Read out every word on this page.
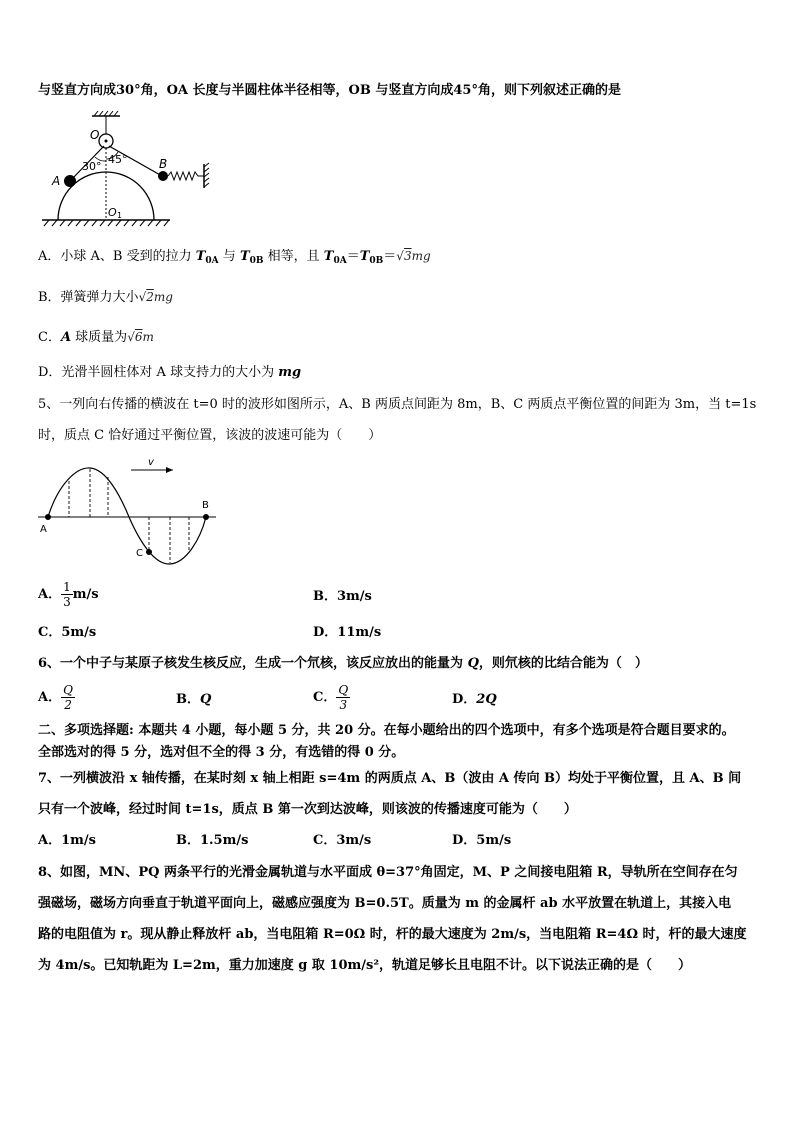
与竖直方向成30°角，OA 长度与半圆柱体半径相等，OB 与竖直方向成45°角，则下列叙述正确的是
O
A
B
30°
45°
O 1
A．小球 A、B 受到的拉力 $T_{0A}$ 与 $T_{0B}$ 相等，且 $T_{0A}=T_{0B}=√3mg$
B．弹簧弹力大小√2mg
C．A 球质量为√6m
D．光滑半圆柱体对 A 球支持力的大小为 mg
5、一列向右传播的横波在 t=0 时的波形如图所示，A、B 两质点间距为 8m，B、C 两质点平衡位置的间距为 3m，当 t=1s
时，质点 C 恰好通过平衡位置，该波的波速可能为（　　）
v
A
B
C
A． $\frac{1}{3} m/s$	B．3m/s
C．5m/s	D．11m/s
6、一个中子与某原子核发生核反应，生成一个氘核，该反应放出的能量为 Q，则氘核的比结合能为（　）
A． $\frac{Q}{2}$	B．Q	C． $\frac{Q}{3}$	D．2Q
二、多项选择题: 本题共 4 小题，每小题 5 分，共 20 分。在每小题给出的四个选项中，有多个选项是符合题目要求的。
全部选对的得 5 分，选对但不全的得 3 分，有选错的得 0 分。
7、一列横波沿 x 轴传播，在某时刻 x 轴上相距 s=4m 的两质点 A、B（波由 A 传向 B）均处于平衡位置，且 A、B 间
只有一个波峰，经过时间 t=1s，质点 B 第一次到达波峰，则该波的传播速度可能为（　　）
A．1m/s	B．1.5m/s	C．3m/s	D．5m/s
8、如图，MN、PQ 两条平行的光滑金属轨道与水平面成 θ=37°角固定，M、P 之间接电阻箱 R，导轨所在空间存在匀
强磁场，磁场方向垂直于轨道平面向上，磁感应强度为 B=0.5T。质量为 m 的金属杆 ab 水平放置在轨道上，其接入电
路的电阻值为 r。现从静止释放杆 ab，当电阻箱 R=0Ω 时，杆的最大速度为 2m/s，当电阻箱 R=4Ω 时，杆的最大速度
为 4m/s。已知轨距为 L=2m，重力加速度 g 取 10m/s²，轨道足够长且电阻不计。以下说法正确的是（　　）
